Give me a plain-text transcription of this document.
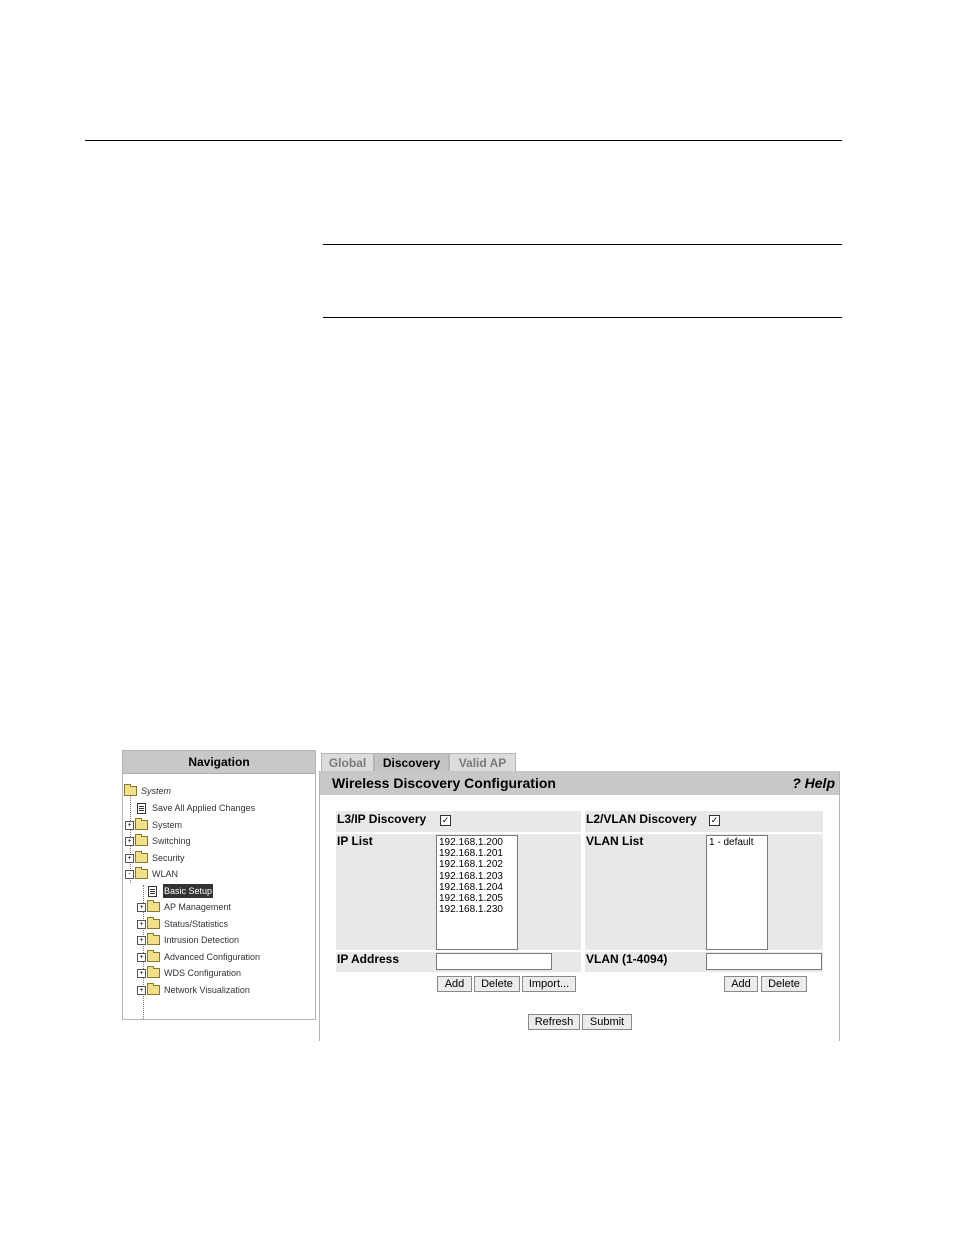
Navigation
System
Save All Applied Changes
+ System
+ Switching
+ Security
-	WLAN
Basic Setup
+ AP Management
+ Status/Statistics
+ Intrusion Detection
+ Advanced Configuration
+ WDS Configuration
+ Network Visualization
Global	Discovery	Valid AP
Wireless Discovery Configuration	? Help
L3/IP Discovery ✓
IP List	192.168.1.200
192.168.1.201
192.168.1.202
192.168.1.203
192.168.1.204
192.168.1.205
192.168.1.230
IP Address
Add	Delete	Import...
L2/VLAN Discovery ✓
VLAN List	1 - default
VLAN (1-4094)
Add	Delete
Refresh	Submit
